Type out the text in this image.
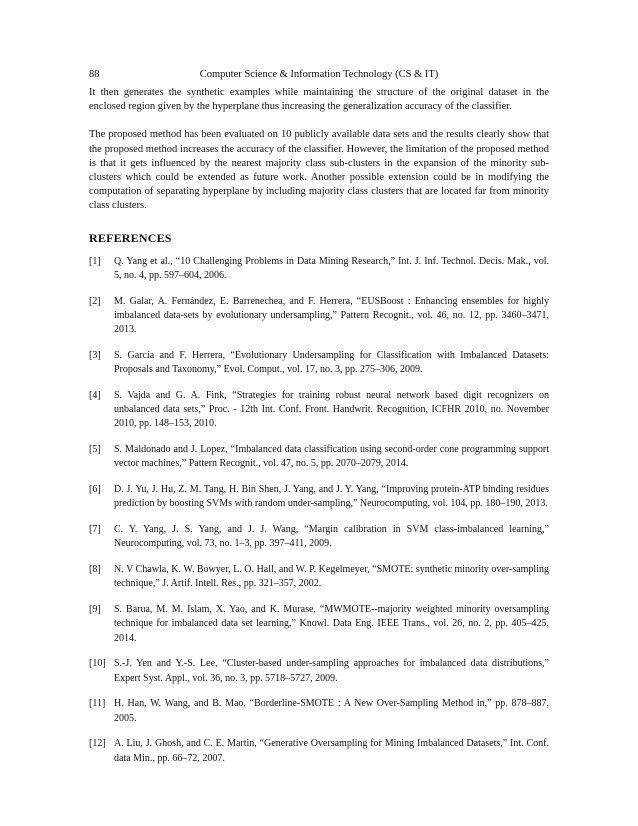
88	Computer Science & Information Technology (CS & IT)

It then generates the synthetic examples while maintaining the structure of the original dataset in the enclosed region given by the hyperplane thus increasing the generalization accuracy of the classifier.

The proposed method has been evaluated on 10 publicly available data sets and the results clearly show that the proposed method increases the accuracy of the classifier. However, the limitation of the proposed method is that it gets influenced by the nearest majority class sub-clusters in the expansion of the minority sub-clusters which could be extended as future work. Another possible extension could be in modifying the computation of separating hyperplane by including majority class clusters that are located far from minority class clusters.

REFERENCES
[1] Q. Yang et al., “10 Challenging Problems in Data Mining Research,” Int. J. Inf. Technol. Decis. Mak., vol. 5, no. 4, pp. 597–604, 2006.
[2] M. Galar, A. Fernández, E. Barrenechea, and F. Herrera, “EUSBoost : Enhancing ensembles for highly imbalanced data-sets by evolutionary undersampling,” Pattern Recognit., vol. 46, no. 12, pp. 3460–3471, 2013.
[3] S. García and F. Herrera, “Evolutionary Undersampling for Classification with Imbalanced Datasets: Proposals and Taxonomy,” Evol. Comput., vol. 17, no. 3, pp. 275–306, 2009.
[4] S. Vajda and G. A. Fink, “Strategies for training robust neural network based digit recognizers on unbalanced data sets,” Proc. - 12th Int. Conf. Front. Handwrit. Recognition, ICFHR 2010, no. November 2010, pp. 148–153, 2010.
[5] S. Maldonado and J. Lopez, “Imbalanced data classification using second-order cone programming support vector machines,” Pattern Recognit., vol. 47, no. 5, pp. 2070–2079, 2014.
[6] D. J. Yu, J. Hu, Z. M. Tang, H. Bin Shen, J. Yang, and J. Y. Yang, “Improving protein-ATP binding residues prediction by boosting SVMs with random under-sampling,” Neurocomputing, vol. 104, pp. 180–190, 2013.
[7] C. Y. Yang, J. S. Yang, and J. J. Wang, “Margin calibration in SVM class-imbalanced learning,” Neurocomputing, vol. 73, no. 1–3, pp. 397–411, 2009.
[8] N. V Chawla, K. W. Bowyer, L. O. Hall, and W. P. Kegelmeyer, “SMOTE: synthetic minority over-sampling technique,” J. Artif. Intell. Res., pp. 321–357, 2002.
[9] S. Barua, M. M. Islam, X. Yao, and K. Murase, “MWMOTE--majority weighted minority oversampling technique for imbalanced data set learning,” Knowl. Data Eng. IEEE Trans., vol. 26, no. 2, pp. 405–425, 2014.
[10] S.-J. Yen and Y.-S. Lee, “Cluster-based under-sampling approaches for imbalanced data distributions,” Expert Syst. Appl., vol. 36, no. 3, pp. 5718–5727, 2009.
[11] H. Han, W. Wang, and B. Mao, “Borderline-SMOTE : A New Over-Sampling Method in,” pp. 878–887, 2005.
[12] A. Liu, J. Ghosh, and C. E. Martin, “Generative Oversampling for Mining Imbalanced Datasets,” Int. Conf. data Min., pp. 66–72, 2007.
